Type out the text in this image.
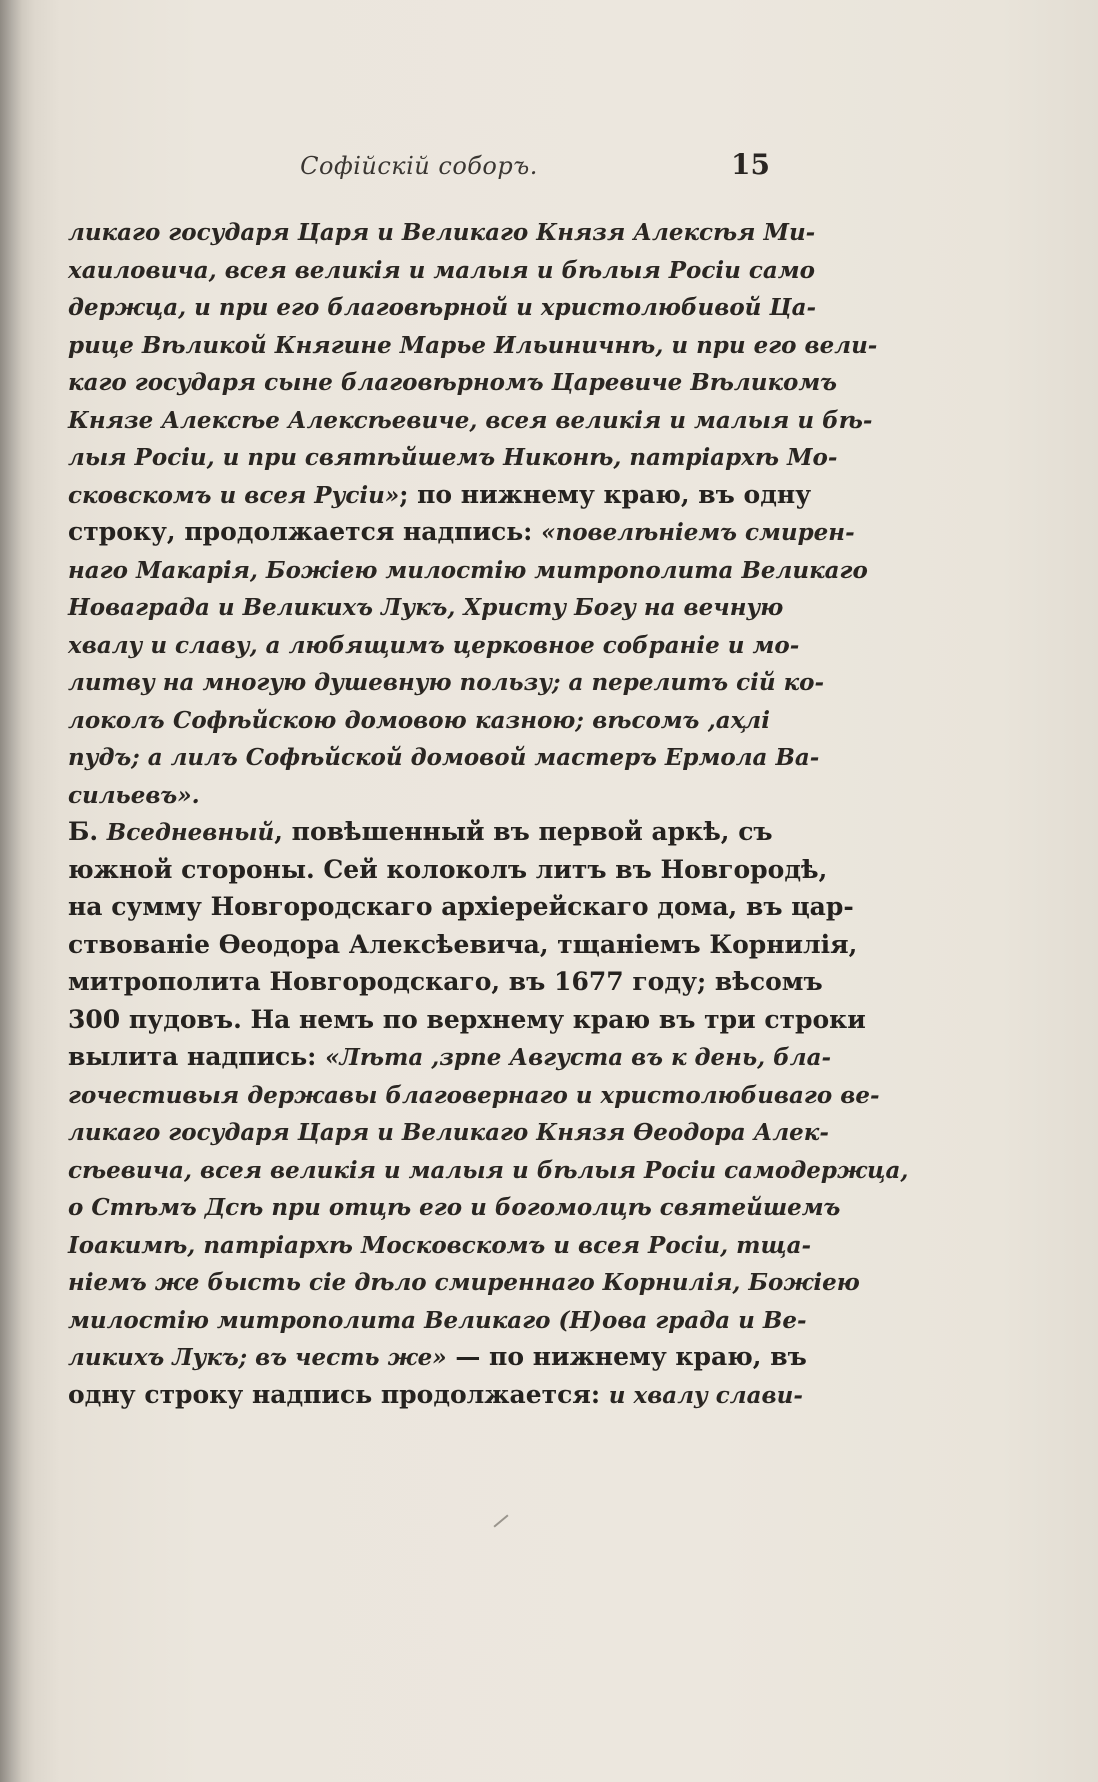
Софійскій соборъ.	15
ликаго государя Царя и Великаго Князя Алексѣя Ми-
хаиловича, всея великія и малыя и бѣлыя Росіи само
держца, и при его благовѣрной и христолюбивой Ца-
рице Вѣликой Княгине Марье Ильиничнѣ, и при его вели-
каго государя сыне благовѣрномъ Царевиче Вѣликомъ
Князе Алексѣе Алексѣевиче, всея великія и малыя и бѣ-
лыя Росіи, и при святѣйшемъ Никонѣ, патріархѣ Мо-
сковскомъ и всея Русіи»; по нижнему краю, въ одну
строку, продолжается надпись: «повелѣніемъ смирен-
наго Макарія, Божіею милостію митрополита Великаго
Новаграда и Великихъ Лукъ, Христу Богу на вечную
хвалу и славу, а любящимъ церковное собраніе и мо-
литву на многую душевную пользу; а перелитъ сій ко-
локолъ Софѣйскою домовою казною; вѣсомъ ,аҳлі
пудъ; а лилъ Софѣйской домовой мастеръ Ермола Ва-
сильевъ».
Б. Вседневный, повѣшенный въ первой аркѣ, съ
южной стороны. Сей колоколъ литъ въ Новгородѣ,
на сумму Новгородскаго архіерейскаго дома, въ цар-
ствованіе Ѳеодора Алексѣевича, тщаніемъ Корнилія,
митрополита Новгородскаго, въ 1677 году; вѣсомъ
300 пудовъ. На немъ по верхнему краю въ три строки
вылита надпись: «Лѣта ,зрпе Августа въ к день, бла-
гочестивыя державы благовернаго и христолюбиваго ве-
ликаго государя Царя и Великаго Князя Ѳеодора Алек-
сѣевича, всея великія и малыя и бѣлыя Росіи самодержца,
о Стѣмъ Дсѣ при отцѣ его и богомолцѣ святейшемъ
Іоакимѣ, патріархѣ Московскомъ и всея Росіи, тща-
ніемъ же бысть сіе дѣло смиреннаго Корнилія, Божіею
милостію митрополита Великаго (Н)ова града и Ве-
ликихъ Лукъ; въ честь же» — по нижнему краю, въ
одну строку надпись продолжается: и хвалу слави-
